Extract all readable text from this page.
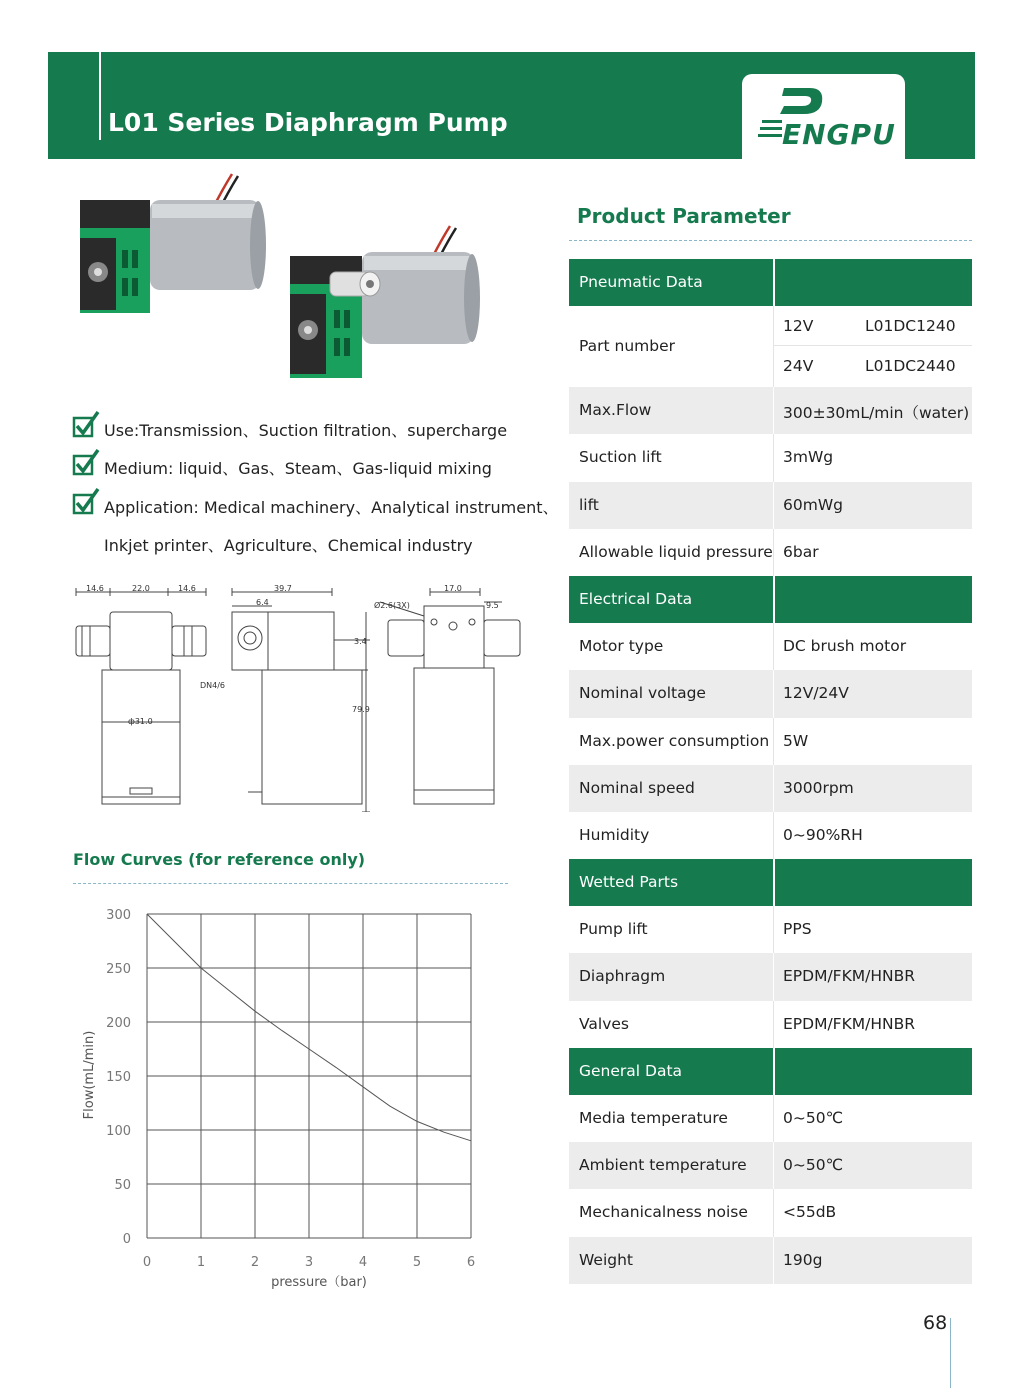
L01 Series Diaphragm Pump	ENGPU
Use:Transmission、Suction filtration、supercharge
Medium: liquid、Gas、Steam、Gas-liquid mixing
Application: Medical machinery、Analytical instrument、
Inkjet printer、Agriculture、Chemical industry
14.6	22.0	14.6	39.7
6.4	Ø2.6(3X)
17.0
9.5
3.4
DN4/6
ф31.0
79.9
Flow Curves (for reference only)
0	1	2	3	4	5	6
0
50
100
150
200
250
300
pressure（bar)
Flow(mL/min)
Product Parameter
Pneumatic Data
Part number
12V	L01DC1240
24V	L01DC2440
Max.Flow	300±30mL/min（water)
Suction lift	3mWg
lift	60mWg
Allowable liquid pressure 6bar
Electrical Data
Motor type	DC brush motor
Nominal voltage	12V/24V
Max.power consumption 5W
Nominal speed	3000rpm
Humidity	0~90%RH
Wetted Parts
Pump lift	PPS
Diaphragm	EPDM/FKM/HNBR
Valves	EPDM/FKM/HNBR
General Data
Media temperature	0~50℃
Ambient temperature 0~50℃
Mechanicalness noise <55dB
Weight	190g
68
